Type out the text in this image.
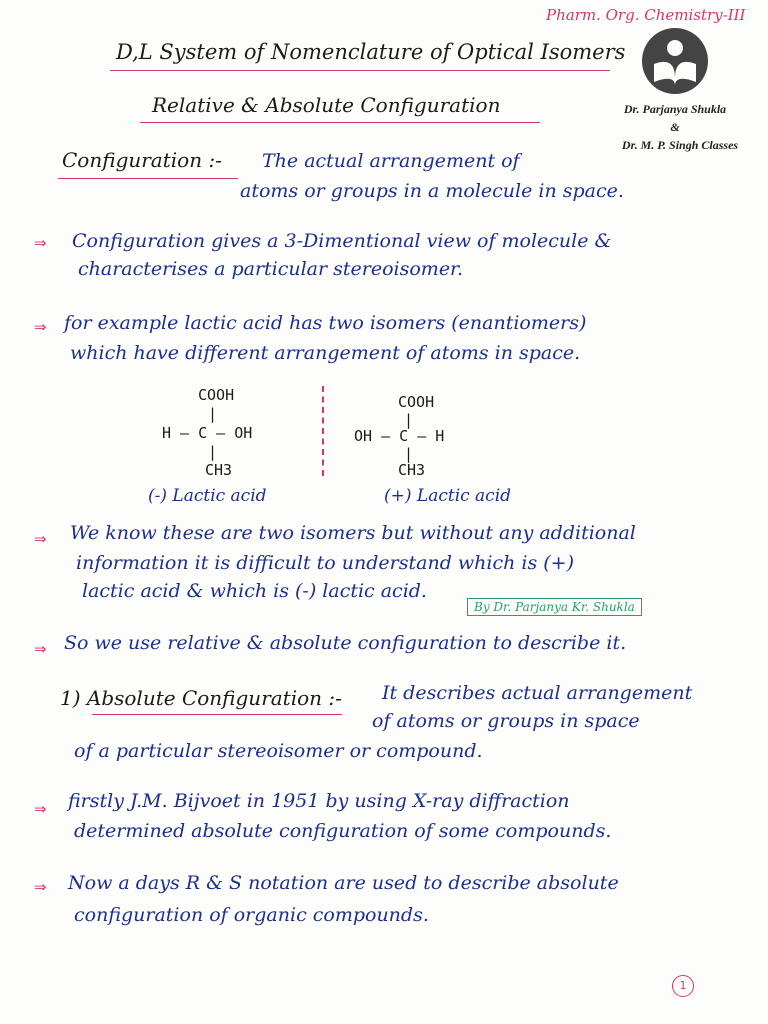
Pharm. Org. Chemistry-III
D,L System of Nomenclature of Optical Isomers
Relative & Absolute Configuration	Dr. Parjanya Shukla
&
Dr. M. P. Singh Classes
Configuration :- The actual arrangement of
atoms or groups in a molecule in space.
⇒ Configuration gives a 3-Dimentional view of molecule &
characterises a particular stereoisomer.
⇒ for example lactic acid has two isomers (enantiomers)
which have different arrangement of atoms in space.
COOH
|
H — C — OH
|
CH3
(-) Lactic acid
COOH
|
OH — C — H
|
CH3
(+) Lactic acid
⇒ We know these are two isomers but without any additional
information it is difficult to understand which is (+)
lactic acid & which is (-) lactic acid.
By Dr. Parjanya Kr. Shukla
⇒ So we use relative & absolute configuration to describe it.
1) Absolute Configuration :- It describes actual arrangement
of atoms or groups in space
of a particular stereoisomer or compound.
⇒ firstly J.M. Bijvoet in 1951 by using X-ray diffraction
determined absolute configuration of some compounds.
⇒ Now a days R & S notation are used to describe absolute
configuration of organic compounds.
1
